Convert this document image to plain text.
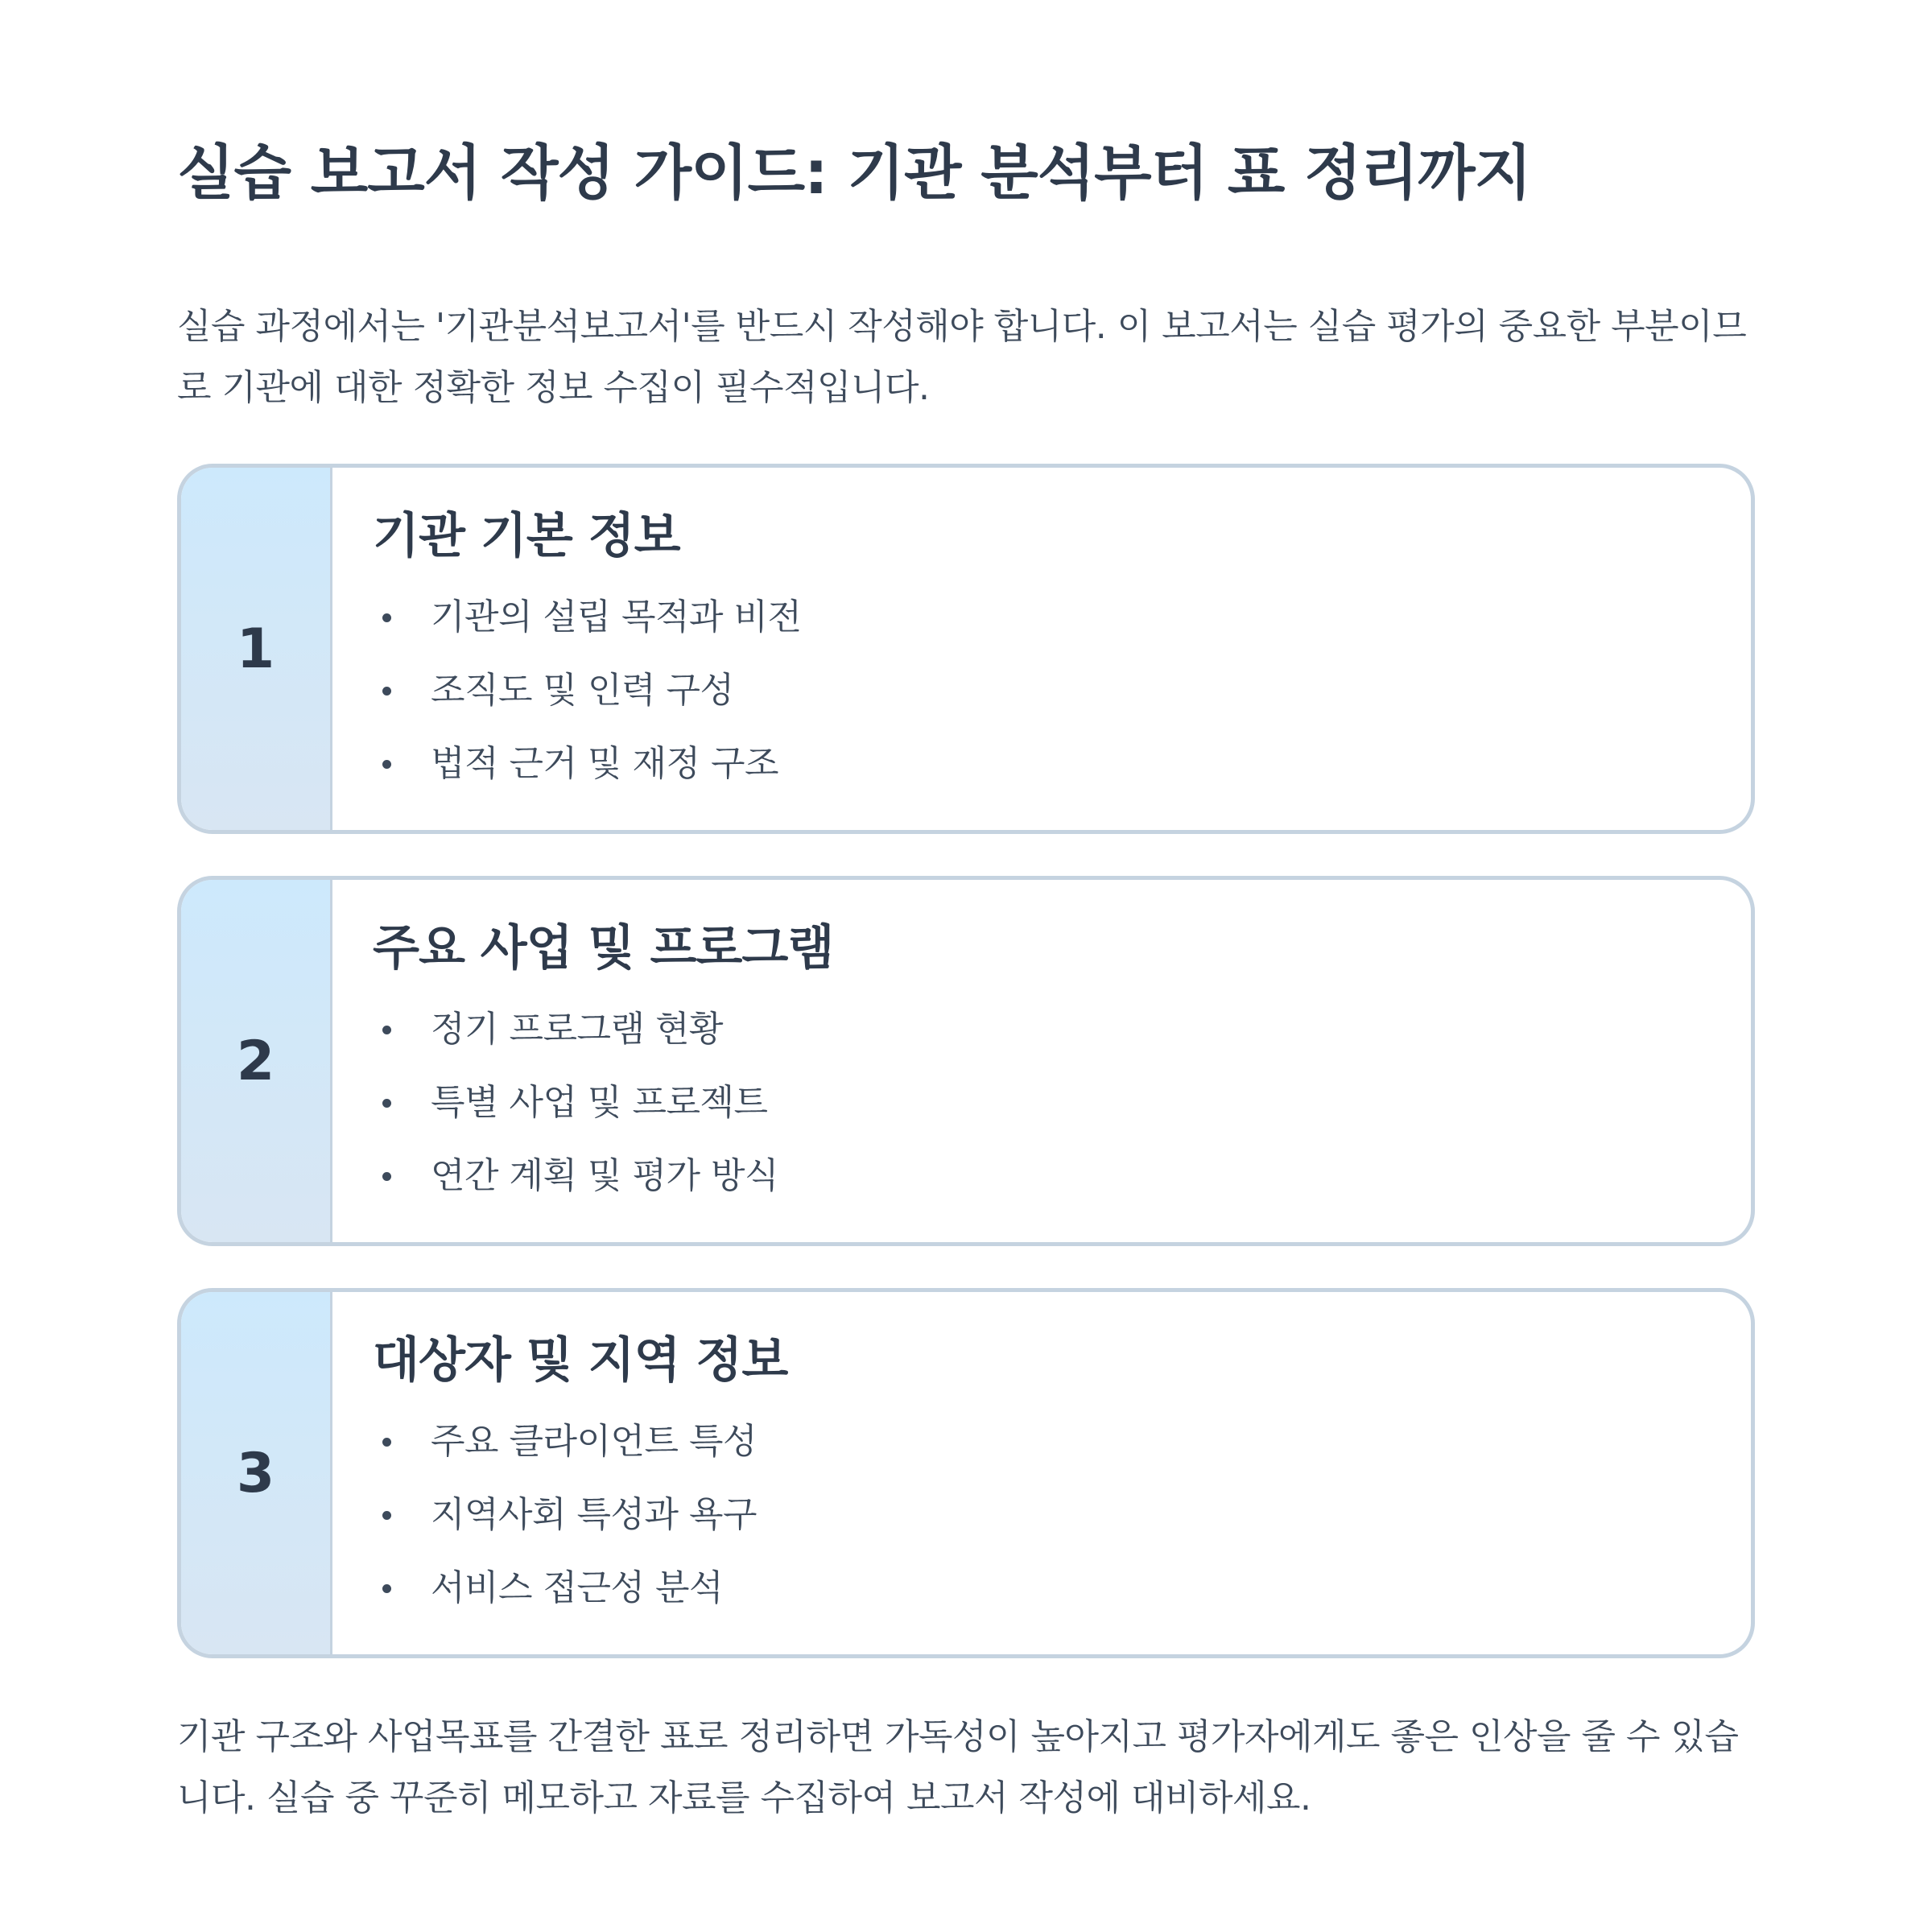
실습 보고서 작성 가이드: 기관 분석부터 표 정리까지

실습 과정에서는 '기관분석보고서'를 반드시 작성해야 합니다. 이 보고서는 실습 평가의 중요한 부분이므로 기관에 대한 정확한 정보 수집이 필수적입니다.

1
기관 기본 정보
기관의 설립 목적과 비전
조직도 및 인력 구성
법적 근거 및 재정 구조
2
주요 사업 및 프로그램
정기 프로그램 현황
특별 사업 및 프로젝트
연간 계획 및 평가 방식
3
대상자 및 지역 정보
주요 클라이언트 특성
지역사회 특성과 욕구
서비스 접근성 분석

기관 구조와 사업목표를 간결한 표로 정리하면 가독성이 높아지고 평가자에게도 좋은 인상을 줄 수 있습니다. 실습 중 꾸준히 메모하고 자료를 수집하여 보고서 작성에 대비하세요.
